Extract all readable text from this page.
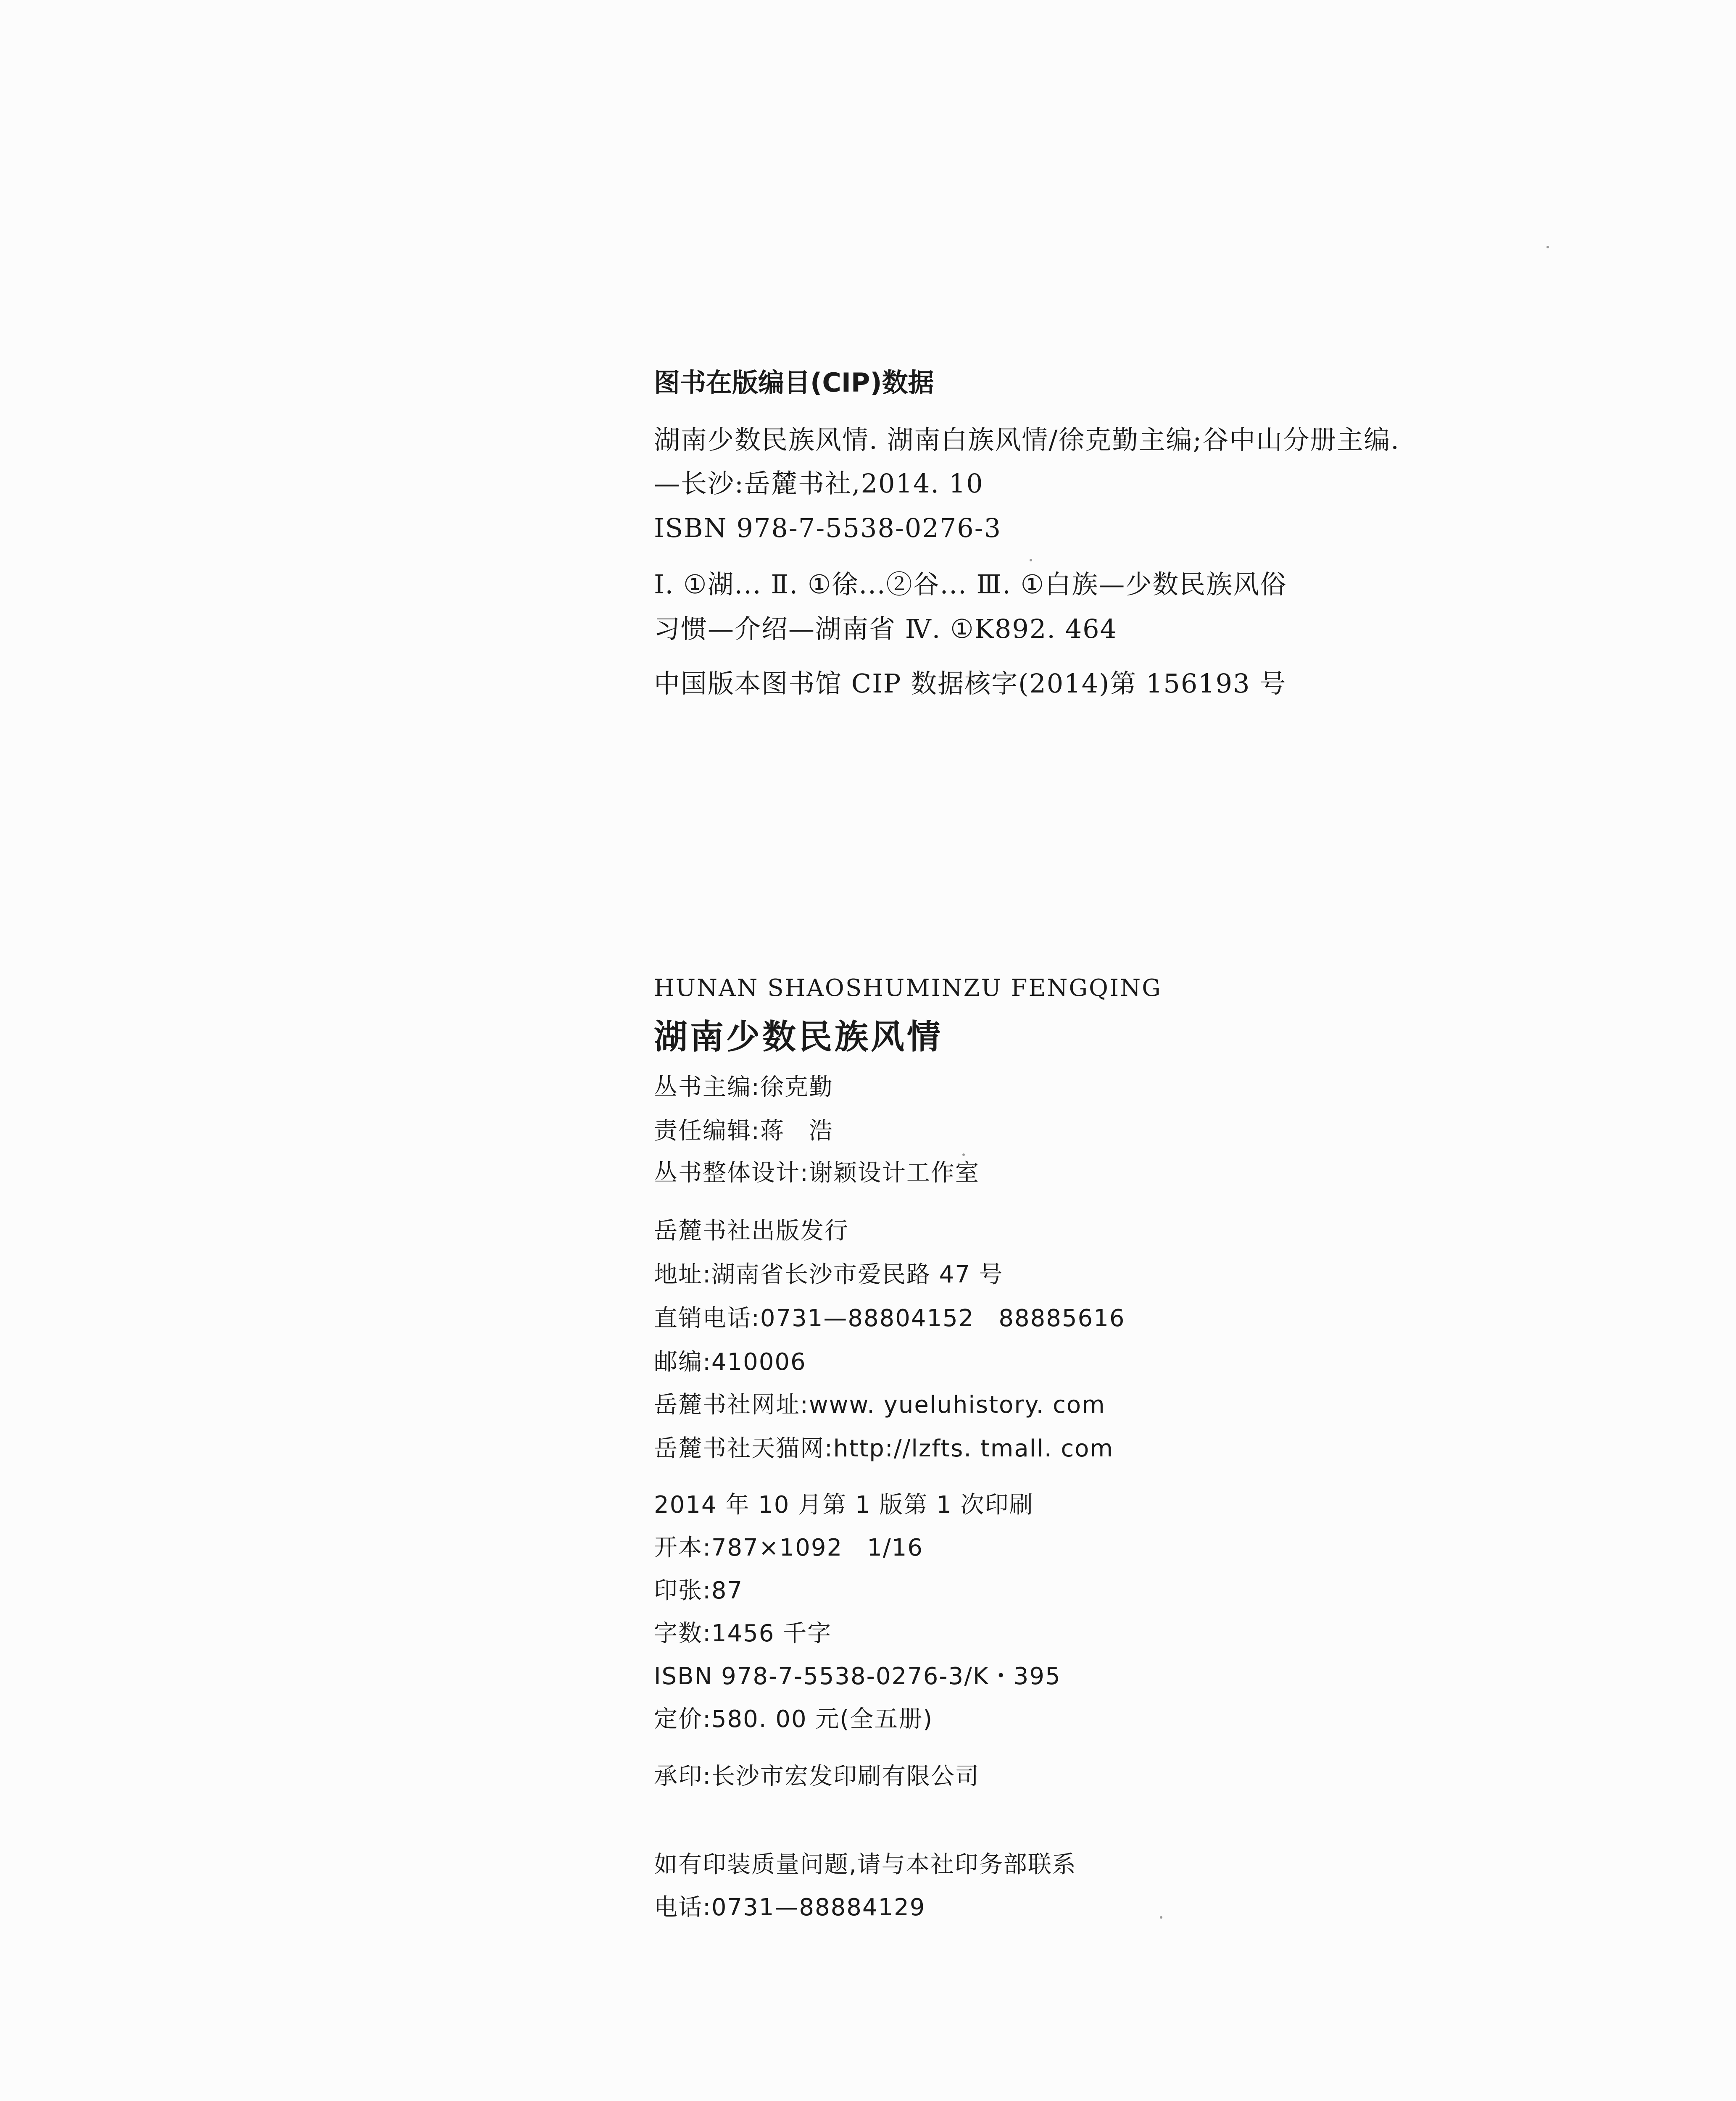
图书在版编目(CIP)数据
湖南少数民族风情. 湖南白族风情/徐克勤主编;谷中山分册主编.
—长沙:岳麓书社,2014. 10
ISBN 978-7-5538-0276-3
Ⅰ. ①湖... Ⅱ. ①徐...②谷... Ⅲ. ①白族—少数民族风俗
习惯—介绍—湖南省 Ⅳ. ①K892. 464
中国版本图书馆 CIP 数据核字(2014)第 156193 号
HUNAN SHAOSHUMINZU FENGQING
湖南少数民族风情
丛书主编:徐克勤
责任编辑:蒋　浩
丛书整体设计:谢颖设计工作室
岳麓书社出版发行
地址:湖南省长沙市爱民路 47 号
直销电话:0731—88804152　88885616
邮编:410006
岳麓书社网址:www. yueluhistory. com
岳麓书社天猫网:http://lzfts. tmall. com
2014 年 10 月第 1 版第 1 次印刷
开本:787×1092　1/16
印张:87
字数:1456 千字
ISBN 978-7-5538-0276-3/K・395
定价:580. 00 元(全五册)
承印:长沙市宏发印刷有限公司
如有印装质量问题,请与本社印务部联系
电话:0731—88884129
